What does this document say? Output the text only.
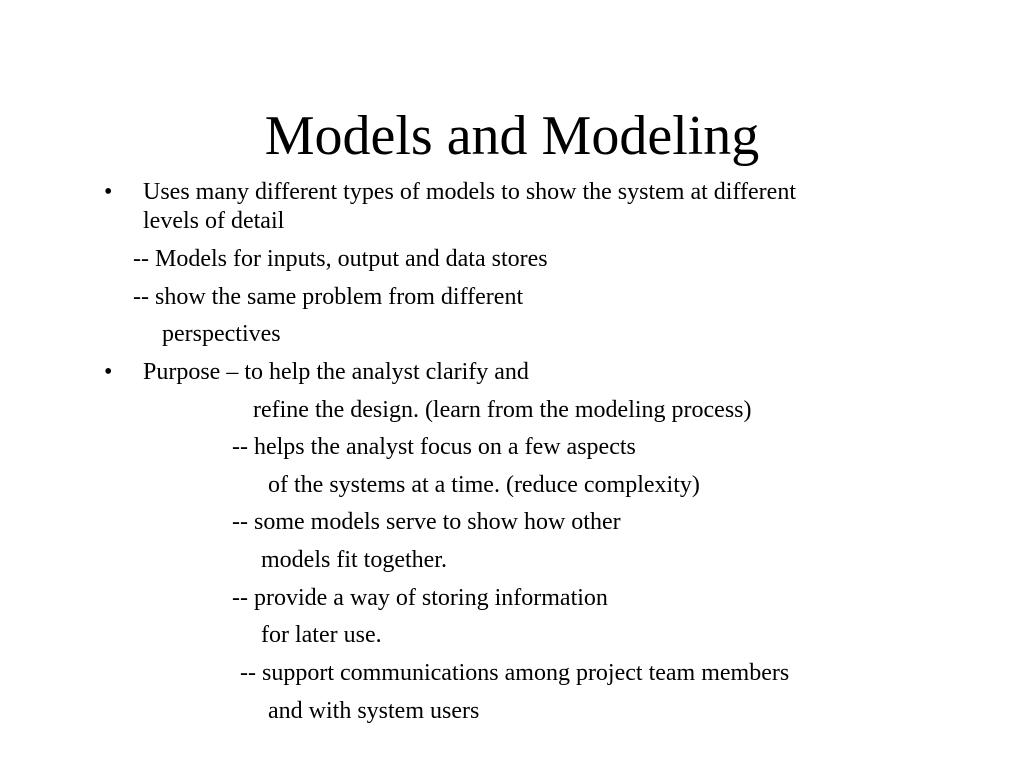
Models and Modeling
• Uses many different types of models to show the system at different
levels of detail
-- Models for inputs, output and data stores
-- show the same problem from different
perspectives
• Purpose – to help the analyst clarify and
refine the design. (learn from the modeling process)
-- helps the analyst focus on a few aspects
of the systems at a time. (reduce complexity)
-- some models serve to show how other
models fit together.
-- provide a way of storing information
for later use.
-- support communications among project team members
and with system users
